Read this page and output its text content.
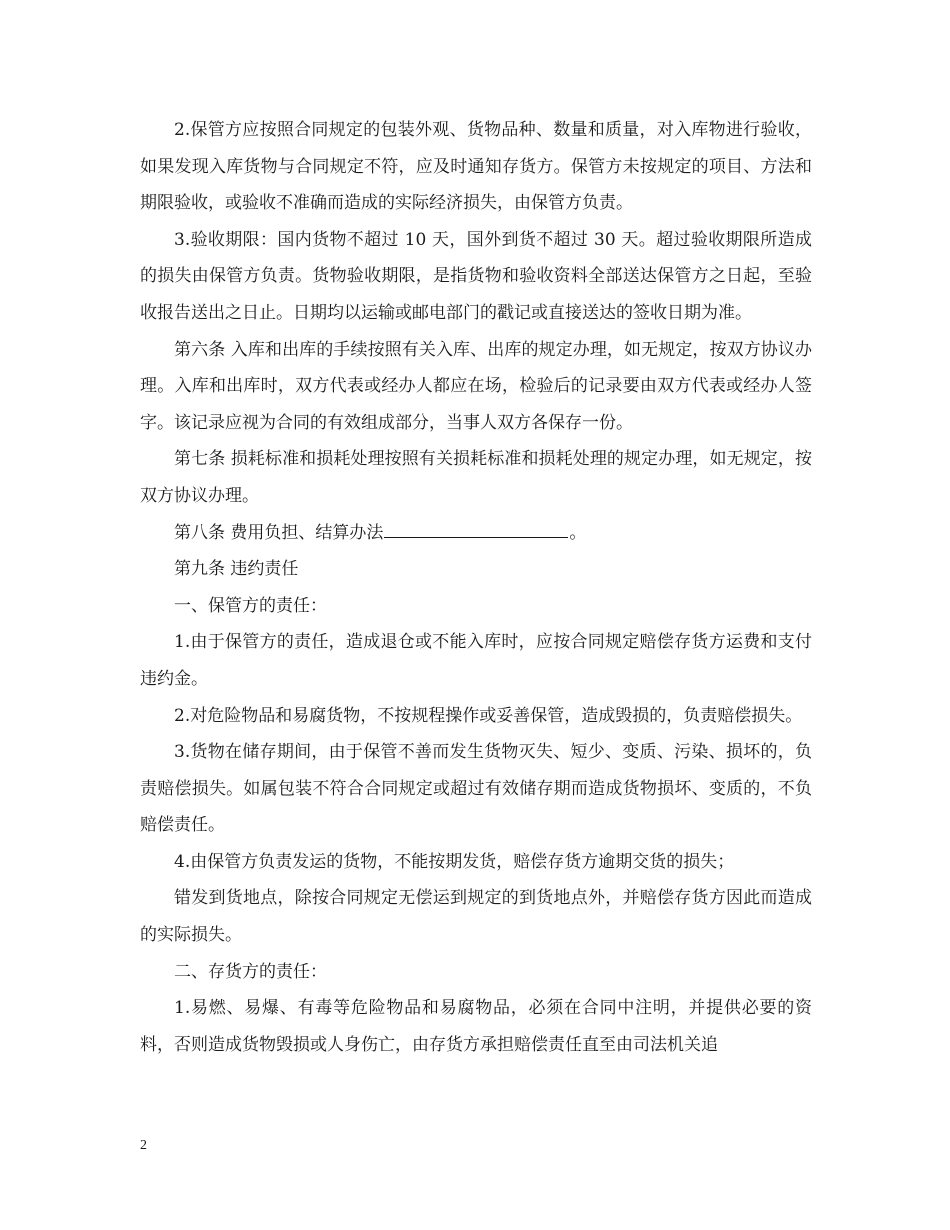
2.保管方应按照合同规定的包装外观、货物品种、数量和质量，对入库物进行验收，如果发现入库货物与合同规定不符，应及时通知存货方。保管方未按规定的项目、方法和期限验收，或验收不准确而造成的实际经济损失，由保管方负责。

3.验收期限：国内货物不超过 10 天，国外到货不超过 30 天。超过验收期限所造成的损失由保管方负责。货物验收期限，是指货物和验收资料全部送达保管方之日起，至验收报告送出之日止。日期均以运输或邮电部门的戳记或直接送达的签收日期为准。

第六条 入库和出库的手续按照有关入库、出库的规定办理，如无规定，按双方协议办理。入库和出库时，双方代表或经办人都应在场，检验后的记录要由双方代表或经办人签字。该记录应视为合同的有效组成部分，当事人双方各保存一份。

第七条 损耗标准和损耗处理按照有关损耗标准和损耗处理的规定办理，如无规定，按双方协议办理。

第八条 费用负担、结算办法	。

第九条 违约责任

一、保管方的责任：

1.由于保管方的责任，造成退仓或不能入库时，应按合同规定赔偿存货方运费和支付违约金。

2.对危险物品和易腐货物，不按规程操作或妥善保管，造成毁损的，负责赔偿损失。

3.货物在储存期间，由于保管不善而发生货物灭失、短少、变质、污染、损坏的，负责赔偿损失。如属包装不符合合同规定或超过有效储存期而造成货物损坏、变质的，不负赔偿责任。

4.由保管方负责发运的货物，不能按期发货，赔偿存货方逾期交货的损失；

错发到货地点，除按合同规定无偿运到规定的到货地点外，并赔偿存货方因此而造成的实际损失。

二、存货方的责任：

1.易燃、易爆、有毒等危险物品和易腐物品，必须在合同中注明，并提供必要的资料，否则造成货物毁损或人身伤亡，由存货方承担赔偿责任直至由司法机关追

2
